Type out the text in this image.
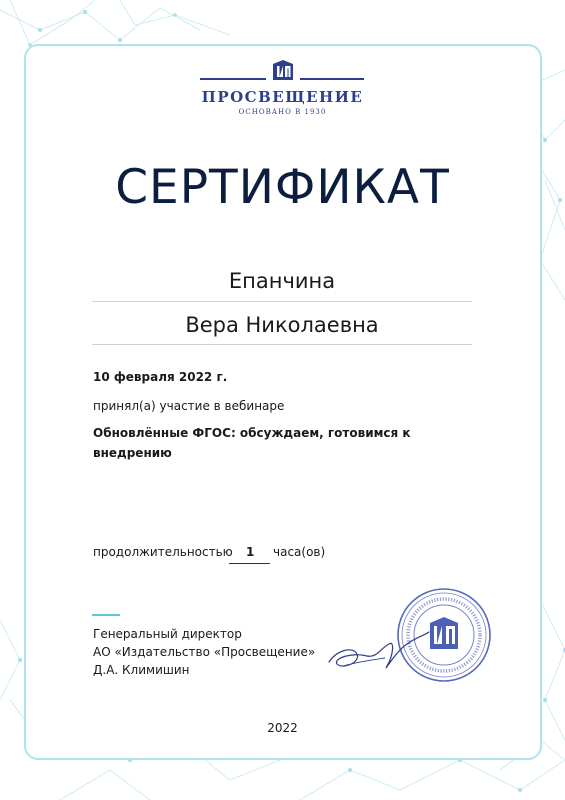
ПРОСВЕЩЕНИЕ
ОСНОВАНО В 1930
СЕРТИФИКАТ
Епанчина
Вера Николаевна
10 февраля 2022 г.
принял(а) участие в вебинаре
Обновлённые ФГОС: обсуждаем, готовимся к внедрению
продолжительностью 1 часа(ов)
Генеральный директор
АО «Издательство «Просвещение»
Д.А. Климишин
2022
